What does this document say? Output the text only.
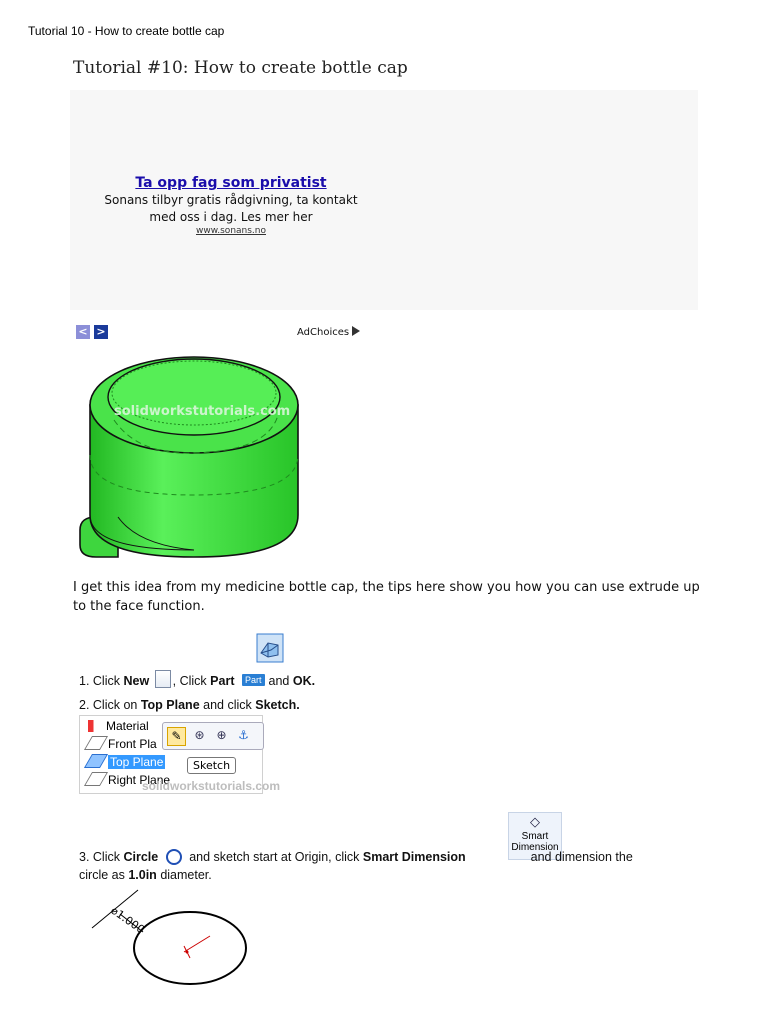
Tutorial 10 - How to create bottle cap
Tutorial #10: How to create bottle cap
Ta opp fag som privatist
Sonans tilbyr gratis rådgivning, ta kontakt
med oss i dag. Les mer her
www.sonans.no
< >	AdChoices
solidworkstutorials.com
I get this idea from my medicine bottle cap, the tips here show you how you can use extrude up to the face function.
1. Click New , Click Part Part and OK.
2. Click on Top Plane and click Sketch.
Material
Front Pla
Top Plane
Right Plane
solidworkstutorials.com
✎	⊛ ⊕ ⚓
Sketch
◇
Smart
Dimension
3. Click Circle and sketch start at Origin, click Smart Dimension	and dimension the
circle as 1.0in diameter.
⌀1.000
